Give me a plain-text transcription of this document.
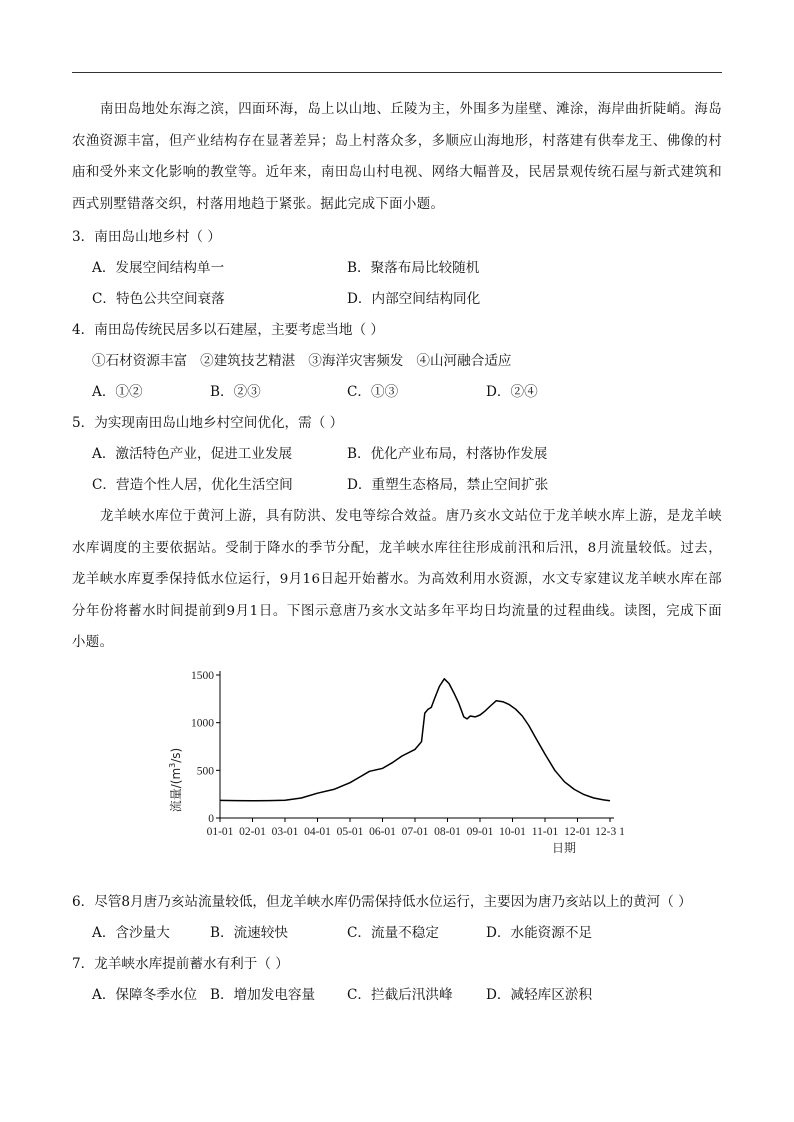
南田岛地处东海之滨，四面环海，岛上以山地、丘陵为主，外围多为崖壁、滩涂，海岸曲折陡峭。海岛农渔资源丰富，但产业结构存在显著差异；岛上村落众多，多顺应山海地形，村落建有供奉龙王、佛像的村庙和受外来文化影响的教堂等。近年来，南田岛山村电视、网络大幅普及，民居景观传统石屋与新式建筑和西式别墅错落交织，村落用地趋于紧张。据此完成下面小题。

3．南田岛山地乡村（ ）

A．发展空间结构单一	B．聚落布局比较随机
C．特色公共空间衰落	D．内部空间结构同化

4．南田岛传统民居多以石建屋，主要考虑当地（ ）

①石材资源丰富   ②建筑技艺精湛   ③海洋灾害频发   ④山河融合适应
A．①②	B．②③	C．①③	D．②④

5．为实现南田岛山地乡村空间优化，需（ ）

A．激活特色产业，促进工业发展	B．优化产业布局，村落协作发展
C．营造个性人居，优化生活空间	D．重塑生态格局，禁止空间扩张

龙羊峡水库位于黄河上游，具有防洪、发电等综合效益。唐乃亥水文站位于龙羊峡水库上游，是龙羊峡水库调度的主要依据站。受制于降水的季节分配，龙羊峡水库往往形成前汛和后汛，8月流量较低。过去，龙羊峡水库夏季保持低水位运行，9月16日起开始蓄水。为高效利用水资源，水文专家建议龙羊峡水库在部分年份将蓄水时间提前到9月1日。下图示意唐乃亥水文站多年平均日均流量的过程曲线。读图，完成下面小题。

0
500
1000
1500
01-01 02-01 03-01 04-01 05-01 06-01 07-01 08-01 09-01 10-01 11-01 12-01 12-3 1
日期
流量$/(m^3/s)$

6．尽管8月唐乃亥站流量较低，但龙羊峡水库仍需保持低水位运行，主要因为唐乃亥站以上的黄河（ ）

A．含沙量大	B．流速较快	C．流量不稳定	D．水能资源不足

7．龙羊峡水库提前蓄水有利于（ ）

A．保障冬季水位 B．增加发电容量 C．拦截后汛洪峰 D．减轻库区淤积
